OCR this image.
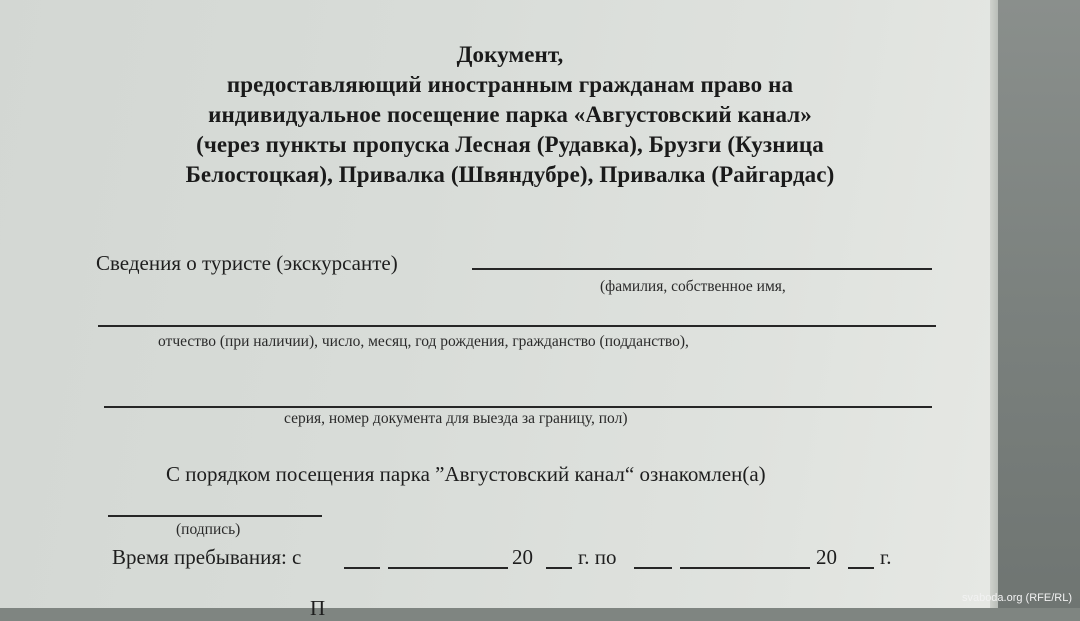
Документ,
предоставляющий иностранным гражданам право на
индивидуальное посещение парка «Августовский канал»
(через пункты пропуска Лесная (Рудавка), Брузги (Кузница
Белостоцкая), Привалка (Швяндубре), Привалка (Райгардас)
Сведения о туристе (экскурсанте)
(фамилия, собственное имя,
отчество (при наличии), число, месяц, год рождения, гражданство (подданство),
серия, номер документа для выезда за границу, пол)
С порядком посещения парка ”Августовский канал“ ознакомлен(а)
(подпись)
Время пребывания: с	20 г. по	20 г.
П	svaboda.org (RFE/RL)
